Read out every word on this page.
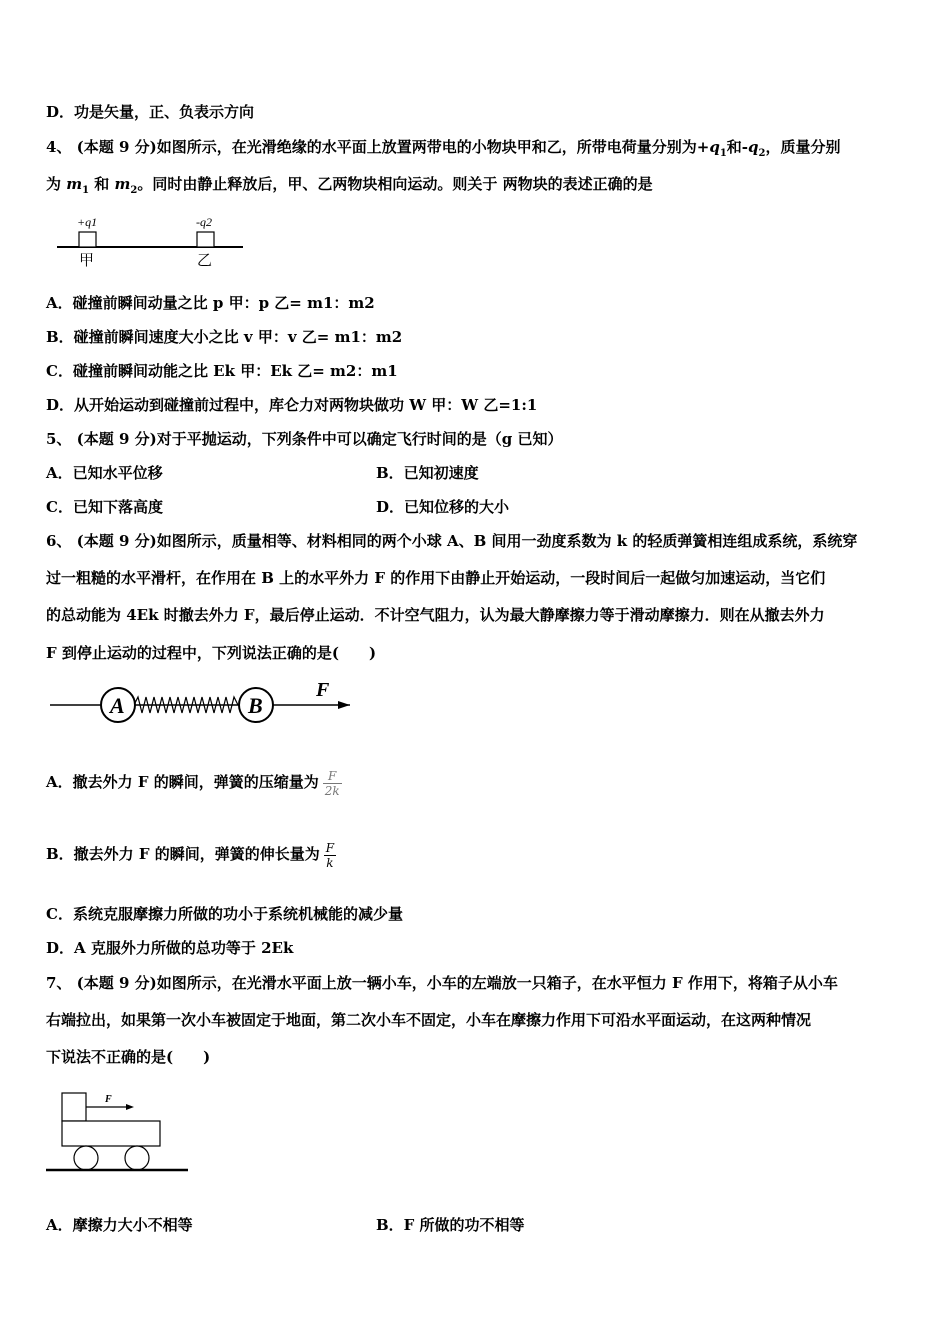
D．功是矢量，正、负表示方向
4、 (本题 9 分)如图所示，在光滑绝缘的水平面上放置两带电的小物块甲和乙，所带电荷量分别为$+q_1$和$-q_2$，质量分别
为 $m_1$ 和 $m_2$。同时由静止释放后，甲、乙两物块相向运动。则关于 两物块的表述正确的是
+q1	-q2
甲	乙
A．碰撞前瞬间动量之比 p 甲：p 乙= m1：m2
B．碰撞前瞬间速度大小之比 v 甲：v 乙= m1：m2
C．碰撞前瞬间动能之比 Ek 甲：Ek 乙= m2：m1
D．从开始运动到碰撞前过程中，库仑力对两物块做功 W 甲：W 乙=1:1
5、 (本题 9 分)对于平抛运动，下列条件中可以确定飞行时间的是（g 已知）
A．已知水平位移	B．已知初速度
C．已知下落高度	D．已知位移的大小
6、 (本题 9 分)如图所示，质量相等、材料相同的两个小球 A、B 间用一劲度系数为 k 的轻质弹簧相连组成系统，系统穿
过一粗糙的水平滑杆，在作用在 B 上的水平外力 F 的作用下由静止开始运动，一段时间后一起做匀加速运动，当它们
的总动能为 4Ek 时撤去外力 F，最后停止运动．不计空气阻力，认为最大静摩擦力等于滑动摩擦力．则在从撤去外力
F 到停止运动的过程中，下列说法正确的是(　　)
A	B
F
A．撤去外力 F 的瞬间，弹簧的压缩量为 $\frac{F}{2k}$
B．撤去外力 F 的瞬间，弹簧的伸长量为 $\frac{F}{k}$
C．系统克服摩擦力所做的功小于系统机械能的减少量
D．A 克服外力所做的总功等于 2Ek
7、 (本题 9 分)如图所示，在光滑水平面上放一辆小车，小车的左端放一只箱子，在水平恒力 F 作用下，将箱子从小车
右端拉出，如果第一次小车被固定于地面，第二次小车不固定，小车在摩擦力作用下可沿水平面运动，在这两种情况
下说法不正确的是(　　)
F
A．摩擦力大小不相等	B．F 所做的功不相等
